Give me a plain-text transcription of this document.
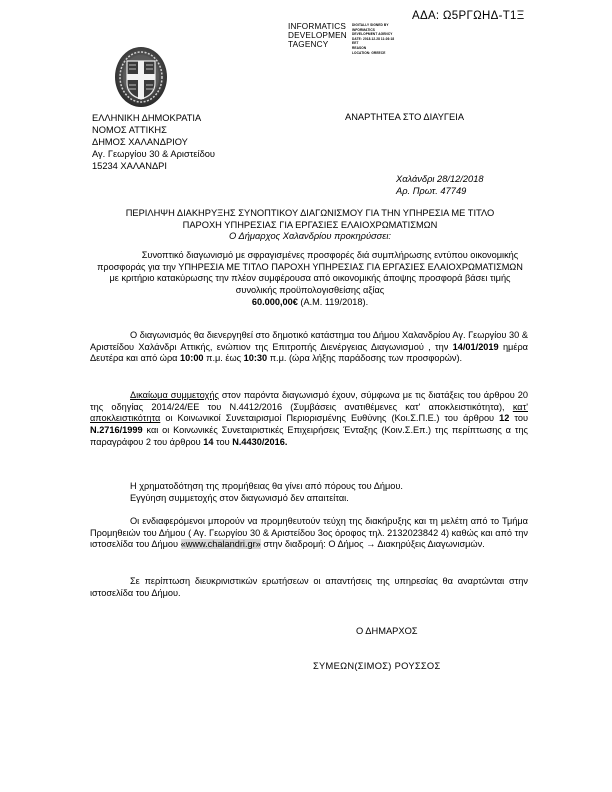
ΑΔΑ: Ω5ΡΓΩΗΔ-Τ1Ξ
INFORMATICS
DEVELOPMEN
TAGENCY
DIGITALLY SIGNED BY
INFORMATICS
DEVELOPMENT AGENCY
DATE: 2018.12.28 11:26:18
EET
REASON
LOCATION: GREECE
ΕΛΛΗΝΙΚΗ ΔΗΜΟΚΡΑΤΙΑ
ΝΟΜΟΣ ΑΤΤΙΚΗΣ
ΔΗΜΟΣ ΧΑΛΑΝΔΡΙΟΥ
Αγ. Γεωργίου 30 & Αριστείδου
15234 ΧΑΛΑΝΔΡΙ
ΑΝΑΡΤΗΤΕΑ ΣΤΟ ΔΙΑΥΓΕΙΑ
Χαλάνδρι 28/12/2018
Αρ. Πρωτ. 47749
ΠΕΡΙΛΗΨΗ ΔΙΑΚΗΡΥΞΗΣ ΣΥΝΟΠΤΙΚΟΥ ΔΙΑΓΩΝΙΣΜΟΥ ΓΙΑ ΤΗΝ ΥΠΗΡΕΣΙΑ ΜΕ ΤΙΤΛΟ
ΠΑΡΟΧΗ ΥΠΗΡΕΣΙΑΣ ΓΙΑ ΕΡΓΑΣΙΕΣ ΕΛΑΙΟΧΡΩΜΑΤΙΣΜΩΝ
Ο Δήμαρχος Χαλανδρίου προκηρύσσει:
Συνοπτικό διαγωνισμό με σφραγισμένες προσφορές διά συμπλήρωσης εντύπου οικονομικής προσφοράς για την ΥΠΗΡΕΣΙΑ ΜΕ ΤΙΤΛΟ ΠΑΡΟΧΗ ΥΠΗΡΕΣΙΑΣ ΓΙΑ ΕΡΓΑΣΙΕΣ ΕΛΑΙΟΧΡΩΜΑΤΙΣΜΩΝ με κριτήριο κατακύρωσης την πλέον συμφέρουσα από οικονομικής άποψης προσφορά βάσει τιμής συνολικής προϋπολογισθείσης αξίας
60.000,00€ (Α.Μ. 119/2018).
Ο διαγωνισμός θα διενεργηθεί στο δημοτικό κατάστημα του Δήμου Χαλανδρίου Αγ. Γεωργίου 30 & Αριστείδου Χαλάνδρι Αττικής, ενώπιον της Επιτροπής Διενέργειας Διαγωνισμού , την 14/01/2019 ημέρα Δευτέρα και από ώρα 10:00 π.μ. έως 10:30 π.μ. (ώρα λήξης παράδοσης των προσφορών).
Δικαίωμα συμμετοχής στον παρόντα διαγωνισμό έχουν, σύμφωνα με τις διατάξεις του άρθρου 20 της οδηγίας 2014/24/ΕΕ του Ν.4412/2016 (Συμβάσεις ανατιθέμενες κατ' αποκλειστικότητα), κατ' αποκλειστικότητα οι Κοινωνικοί Συνεταιρισμοί Περιορισμένης Ευθύνης (Κοι.Σ.Π.Ε.) του άρθρου 12 του Ν.2716/1999 και οι Κοινωνικές Συνεταιριστικές Επιχειρήσεις Ένταξης (Κοιν.Σ.Επ.) της περίπτωσης α της παραγράφου 2 του άρθρου 14 του Ν.4430/2016.
Η χρηματοδότηση της προμήθειας θα γίνει από πόρους του Δήμου.
Εγγύηση συμμετοχής στον διαγωνισμό δεν απαιτείται.
Οι ενδιαφερόμενοι μπορούν να προμηθευτούν τεύχη της διακήρυξης και τη μελέτη από το Τμήμα Προμηθειών του Δήμου ( Αγ. Γεωργίου 30 & Αριστείδου 3ος όροφος τηλ. 2132023842 4) καθώς και από την ιστοσελίδα του Δήμου «www.chalandri.gr» στην διαδρομή: Ο Δήμος → Διακηρύξεις Διαγωνισμών.
Σε περίπτωση διευκρινιστικών ερωτήσεων οι απαντήσεις της υπηρεσίας θα αναρτώνται στην ιστοσελίδα του Δήμου.
Ο ΔΗΜΑΡΧΟΣ
ΣΥΜΕΩΝ(ΣΙΜΟΣ) ΡΟΥΣΣΟΣ
